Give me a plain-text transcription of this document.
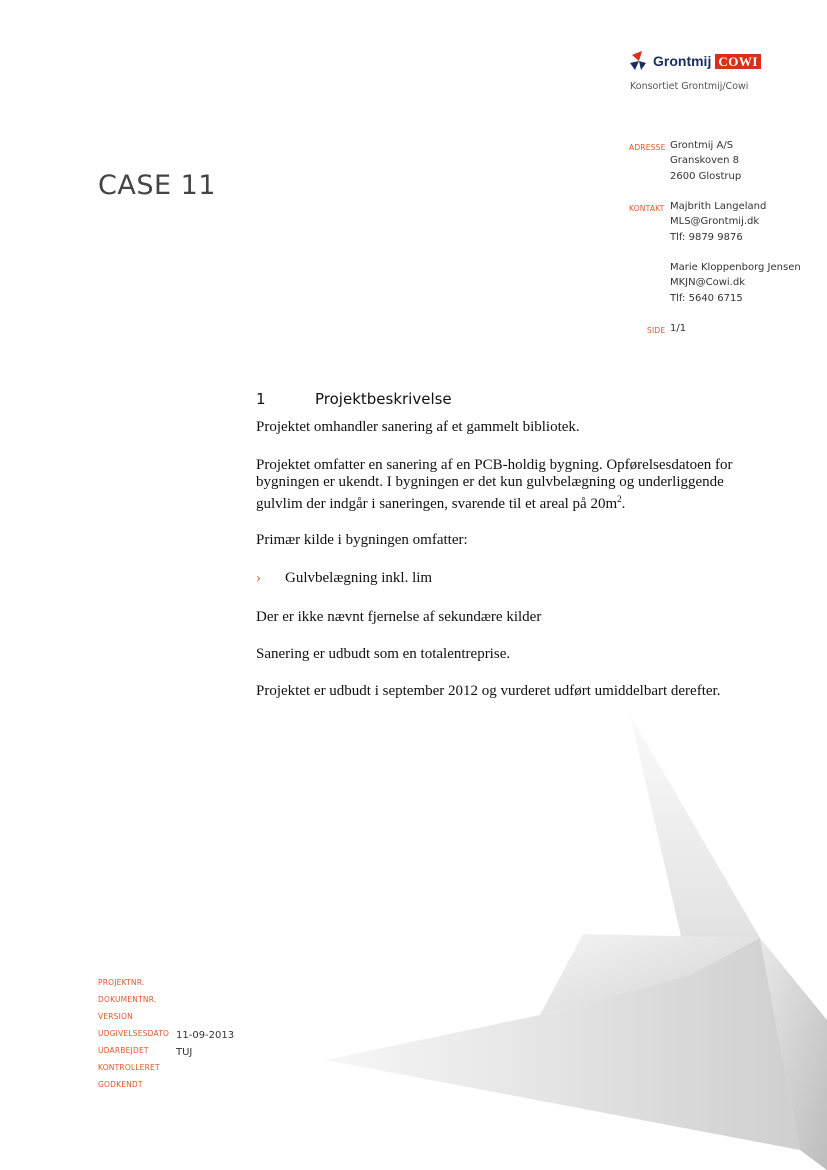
Grontmij COWI
Konsortiet Grontmij/Cowi
CASE 11
ADRESSE Grontmij A/S
Granskoven 8
2600 Glostrup
KONTAKT Majbrith Langeland
MLS@Grontmij.dk
Tlf: 9879 9876
Marie Kloppenborg Jensen
MKJN@Cowi.dk
Tlf: 5640 6715
SIDE 1/1
1	Projektbeskrivelse
Projektet omhandler sanering af et gammelt bibliotek.
Projektet omfatter en sanering af en PCB-holdig bygning. Opførelsesdatoen for
bygningen er ukendt. I bygningen er det kun gulvbelægning og underliggende
gulvlim der indgår i saneringen, svarende til et areal på $20m^2$.
Primær kilde i bygningen omfatter:
› Gulvbelægning inkl. lim
Der er ikke nævnt fjernelse af sekundære kilder
Sanering er udbudt som en totalentreprise.
Projektet er udbudt i september 2012 og vurderet udført umiddelbart derefter.
PROJEKTNR.
DOKUMENTNR.
VERSION
UDGIVELSESDATO
UDARBEJDET
KONTROLLERET
GODKENDT
11-09-2013
TUJ
